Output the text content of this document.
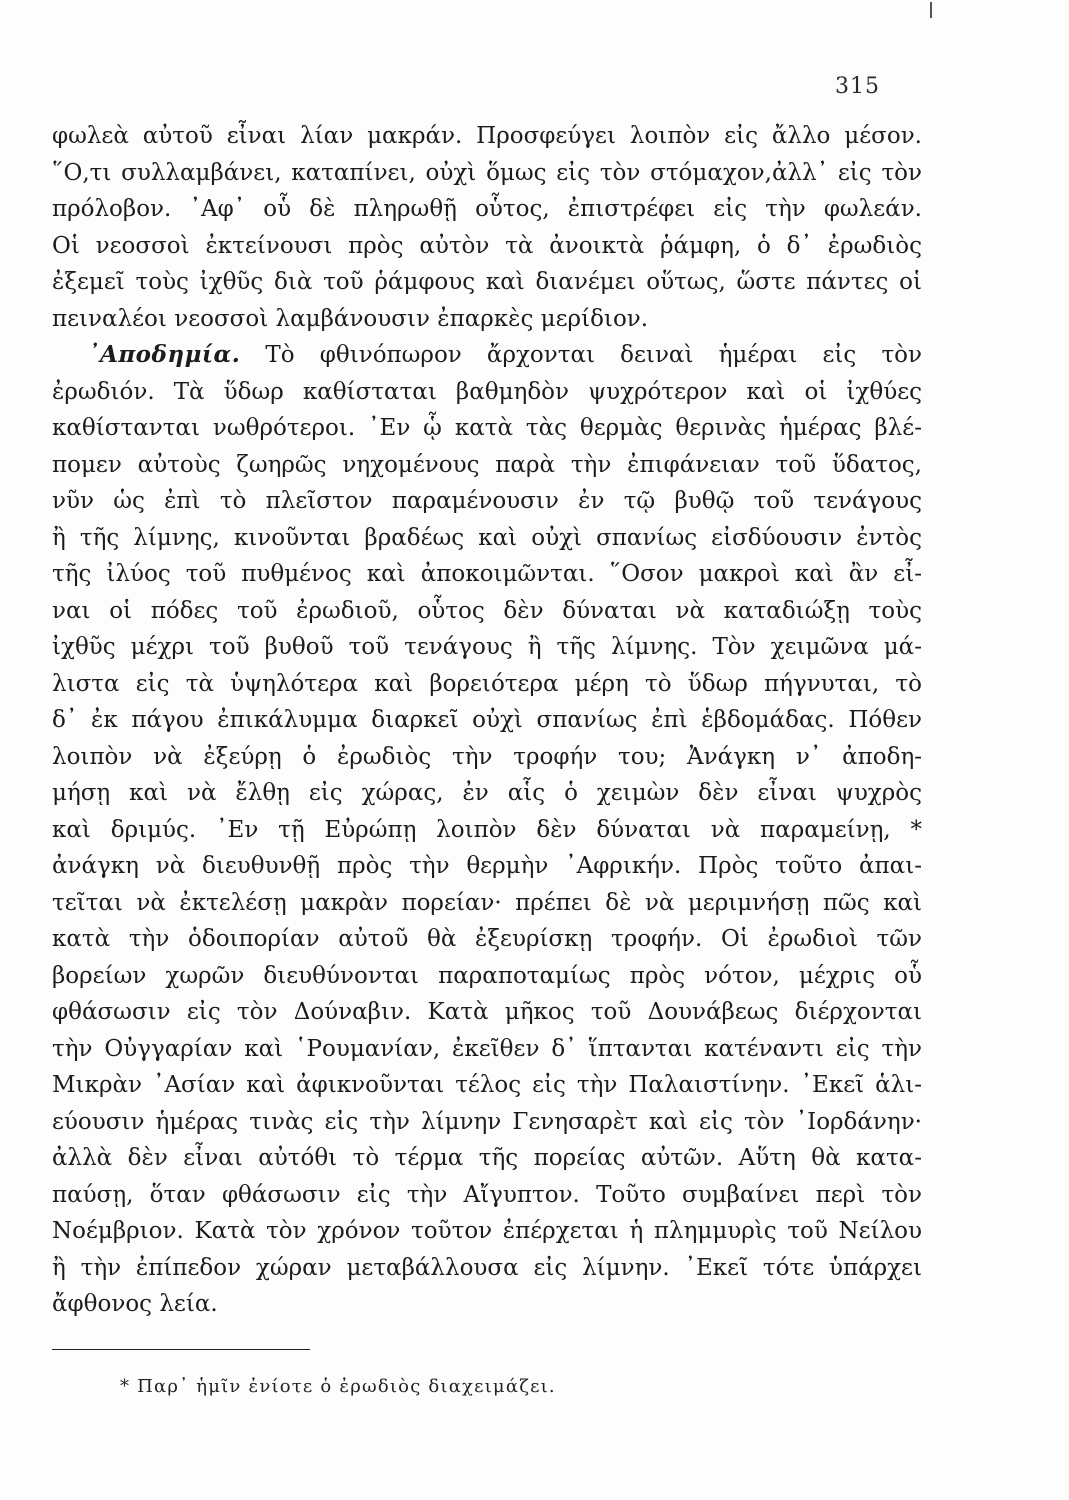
315
φωλεὰ αὐτοῦ εἶναι λίαν μακράν. Προσφεύγει λοιπὸν εἰς ἄλλο μέσον.
῞Ο,τι συλλαμβάνει, καταπίνει, οὐχὶ ὅμως εἰς τὸν στόμαχον,ἀλλ᾽ εἰς τὸν
πρόλοβον. ᾽Αφ᾽ οὗ δὲ πληρωθῇ οὗτος, ἐπιστρέφει εἰς τὴν φωλεάν.
Οἱ νεοσσοὶ ἐκτείνουσι πρὸς αὐτὸν τὰ ἀνοικτὰ ῥάμφη, ὁ δ᾽ ἐρωδιὸς
ἐξεμεῖ τοὺς ἰχθῦς διὰ τοῦ ῥάμφους καὶ διανέμει οὕτως, ὥστε πάντες οἱ
πειναλέοι νεοσσοὶ λαμβάνουσιν ἐπαρκὲς μερίδιον.
᾽Αποδημία. Τὸ φθινόπωρον ἄρχονται δειναὶ ἡμέραι εἰς τὸν
ἐρωδιόν. Τὰ ὕδωρ καθίσταται βαθμηδὸν ψυχρότερον καὶ οἱ ἰχθύες
καθίστανται νωθρότεροι. ᾽Εν ᾧ κατὰ τὰς θερμὰς θερινὰς ἡμέρας βλέ-
πομεν αὐτοὺς ζωηρῶς νηχομένους παρὰ τὴν ἐπιφάνειαν τοῦ ὕδατος,
νῦν ὡς ἐπὶ τὸ πλεῖστον παραμένουσιν ἐν τῷ βυθῷ τοῦ τενάγους
ἢ τῆς λίμνης, κινοῦνται βραδέως καὶ οὐχὶ σπανίως εἰσδύουσιν ἐντὸς
τῆς ἰλύος τοῦ πυθμένος καὶ ἀποκοιμῶνται. ῞Οσον μακροὶ καὶ ἂν εἶ-
ναι οἱ πόδες τοῦ ἐρωδιοῦ, οὗτος δὲν δύναται νὰ καταδιώξῃ τοὺς
ἰχθῦς μέχρι τοῦ βυθοῦ τοῦ τενάγους ἢ τῆς λίμνης. Τὸν χειμῶνα μά-
λιστα εἰς τὰ ὑψηλότερα καὶ βορειότερα μέρη τὸ ὕδωρ πήγνυται, τὸ
δ᾽ ἐκ πάγου ἐπικάλυμμα διαρκεῖ οὐχὶ σπανίως ἐπὶ ἑβδομάδας. Πόθεν
λοιπὸν νὰ ἐξεύρῃ ὁ ἐρωδιὸς τὴν τροφήν του; Ἀνάγκη ν᾽ ἀποδη-
μήσῃ καὶ νὰ ἔλθῃ εἰς χώρας, ἐν αἷς ὁ χειμὼν δὲν εἶναι ψυχρὸς
καὶ δριμύς. ᾽Εν τῇ Εὐρώπῃ λοιπὸν δὲν δύναται νὰ παραμείνῃ, *
ἀνάγκη νὰ διευθυνθῇ πρὸς τὴν θερμὴν ᾽Αφρικήν. Πρὸς τοῦτο ἀπαι-
τεῖται νὰ ἐκτελέσῃ μακρὰν πορείαν· πρέπει δὲ νὰ μεριμνήσῃ πῶς καὶ
κατὰ τὴν ὁδοιπορίαν αὐτοῦ θὰ ἐξευρίσκῃ τροφήν. Οἱ ἐρωδιοὶ τῶν
βορείων χωρῶν διευθύνονται παραποταμίως πρὸς νότον, μέχρις οὗ
φθάσωσιν εἰς τὸν Δούναβιν. Κατὰ μῆκος τοῦ Δουνάβεως διέρχονται
τὴν Οὐγγαρίαν καὶ ῾Ρουμανίαν, ἐκεῖθεν δ᾽ ἵπτανται κατέναντι εἰς τὴν
Μικρὰν ᾽Ασίαν καὶ ἀφικνοῦνται τέλος εἰς τὴν Παλαιστίνην. ᾽Εκεῖ ἁλι-
εύουσιν ἡμέρας τινὰς εἰς τὴν λίμνην Γενησαρὲτ καὶ εἰς τὸν ᾽Ιορδάνην·
ἀλλὰ δὲν εἶναι αὐτόθι τὸ τέρμα τῆς πορείας αὐτῶν. Αὕτη θὰ κατα-
παύσῃ, ὅταν φθάσωσιν εἰς τὴν Αἴγυπτον. Τοῦτο συμβαίνει περὶ τὸν
Νοέμβριον. Κατὰ τὸν χρόνον τοῦτον ἐπέρχεται ἡ πλημμυρὶς τοῦ Νείλου
ἢ τὴν ἐπίπεδον χώραν μεταβάλλουσα εἰς λίμνην. ᾽Εκεῖ τότε ὑπάρχει
ἄφθονος λεία.
* Παρ᾽ ἡμῖν ἐνίοτε ὁ ἐρωδιὸς διαχειμάζει.
